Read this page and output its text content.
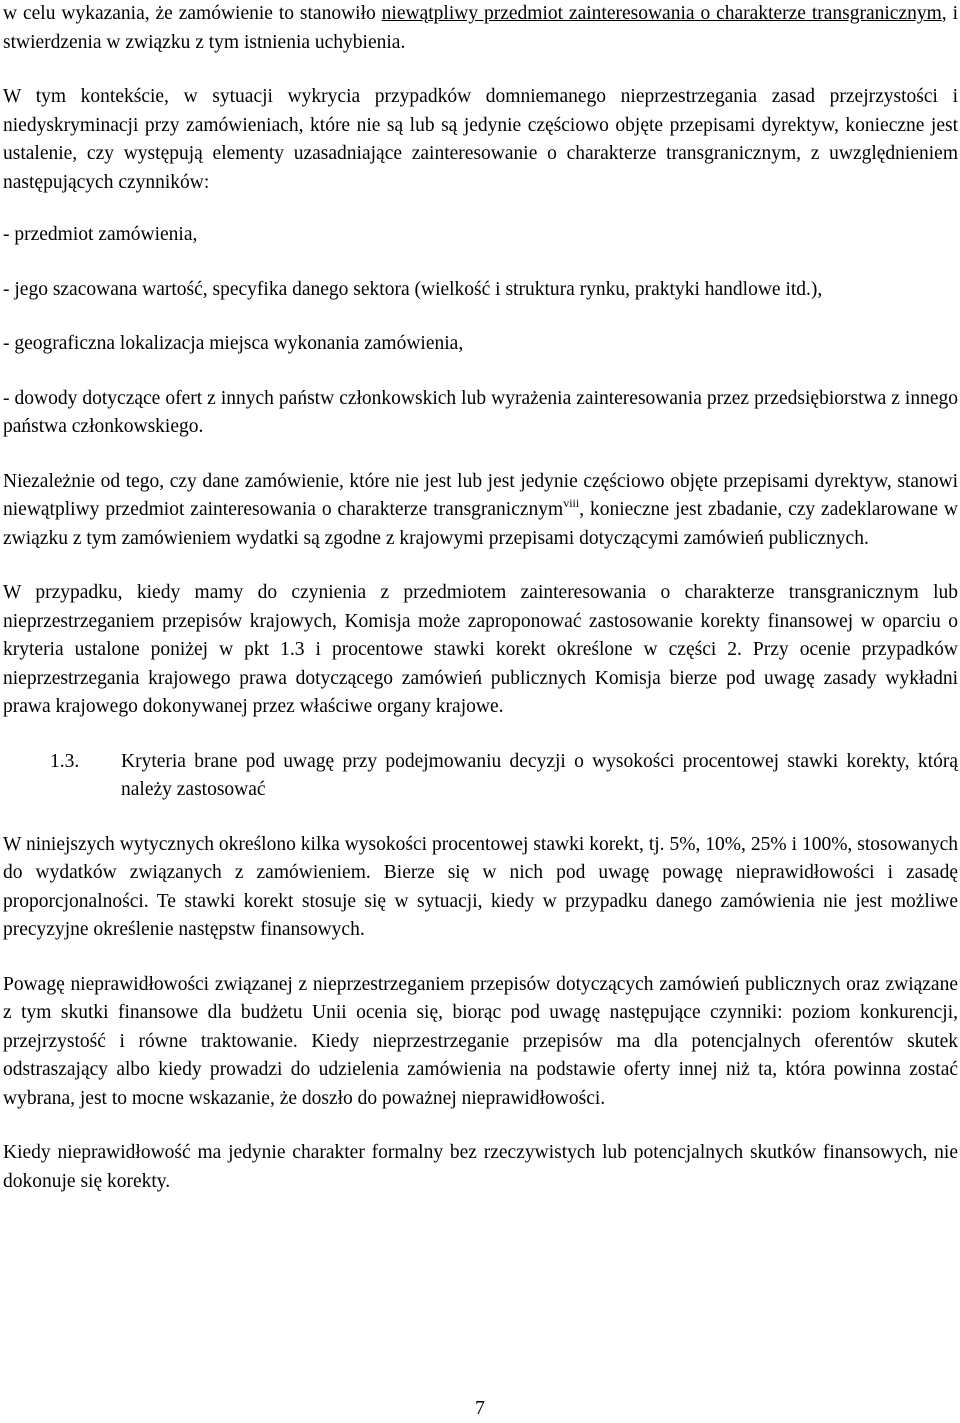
w celu wykazania, że zamówienie to stanowiło niewątpliwy przedmiot zainteresowania o charakterze transgranicznym, i stwierdzenia w związku z tym istnienia uchybienia.

W tym kontekście, w sytuacji wykrycia przypadków domniemanego nieprzestrzegania zasad przejrzystości i niedyskryminacji przy zamówieniach, które nie są lub są jedynie częściowo objęte przepisami dyrektyw, konieczne jest ustalenie, czy występują elementy uzasadniające zainteresowanie o charakterze transgranicznym, z uwzględnieniem następujących czynników:

- przedmiot zamówienia,

- jego szacowana wartość, specyfika danego sektora (wielkość i struktura rynku, praktyki handlowe itd.),

- geograficzna lokalizacja miejsca wykonania zamówienia,

- dowody dotyczące ofert z innych państw członkowskich lub wyrażenia zainteresowania przez przedsiębiorstwa z innego państwa członkowskiego.

Niezależnie od tego, czy dane zamówienie, które nie jest lub jest jedynie częściowo objęte przepisami dyrektyw, stanowi niewątpliwy przedmiot zainteresowania o charakterze transgranicznym$^{viii}$, konieczne jest zbadanie, czy zadeklarowane w związku z tym zamówieniem wydatki są zgodne z krajowymi przepisami dotyczącymi zamówień publicznych.

W przypadku, kiedy mamy do czynienia z przedmiotem zainteresowania o charakterze transgranicznym lub nieprzestrzeganiem przepisów krajowych, Komisja może zaproponować zastosowanie korekty finansowej w oparciu o kryteria ustalone poniżej w pkt 1.3 i procentowe stawki korekt określone w części 2. Przy ocenie przypadków nieprzestrzegania krajowego prawa dotyczącego zamówień publicznych Komisja bierze pod uwagę zasady wykładni prawa krajowego dokonywanej przez właściwe organy krajowe.

1.3.	Kryteria brane pod uwagę przy podejmowaniu decyzji o wysokości procentowej stawki korekty, którą należy zastosować

W niniejszych wytycznych określono kilka wysokości procentowej stawki korekt, tj. 5%, 10%, 25% i 100%, stosowanych do wydatków związanych z zamówieniem. Bierze się w nich pod uwagę powagę nieprawidłowości i zasadę proporcjonalności. Te stawki korekt stosuje się w sytuacji, kiedy w przypadku danego zamówienia nie jest możliwe precyzyjne określenie następstw finansowych.

Powagę nieprawidłowości związanej z nieprzestrzeganiem przepisów dotyczących zamówień publicznych oraz związane z tym skutki finansowe dla budżetu Unii ocenia się, biorąc pod uwagę następujące czynniki: poziom konkurencji, przejrzystość i równe traktowanie. Kiedy nieprzestrzeganie przepisów ma dla potencjalnych oferentów skutek odstraszający albo kiedy prowadzi do udzielenia zamówienia na podstawie oferty innej niż ta, która powinna zostać wybrana, jest to mocne wskazanie, że doszło do poważnej nieprawidłowości.

Kiedy nieprawidłowość ma jedynie charakter formalny bez rzeczywistych lub potencjalnych skutków finansowych, nie dokonuje się korekty.

7
